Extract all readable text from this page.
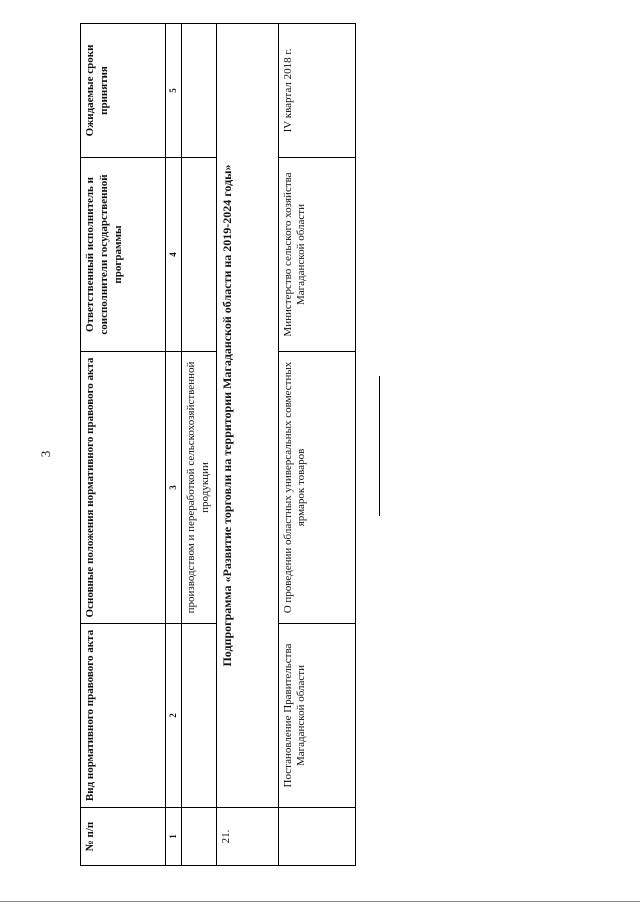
3
№ п/п	Вид нормативного правового акта	Основные положения нормативного правового акта	Ответственный исполнитель и соисполнители государственной программы	Ожидаемые сроки принятия
1	2	3	4	5
		производством и переработкой сельскохозяйственной продукции		
21.	Подпрограмма «Развитие торговли на территории Магаданской области на 2019-2024 годы»			
	Постановление Правительства Магаданской области	О проведении областных универсальных совместных ярмарок товаров	Министерство сельского хозяйства Магаданской области	IV квартал 2018 г.
